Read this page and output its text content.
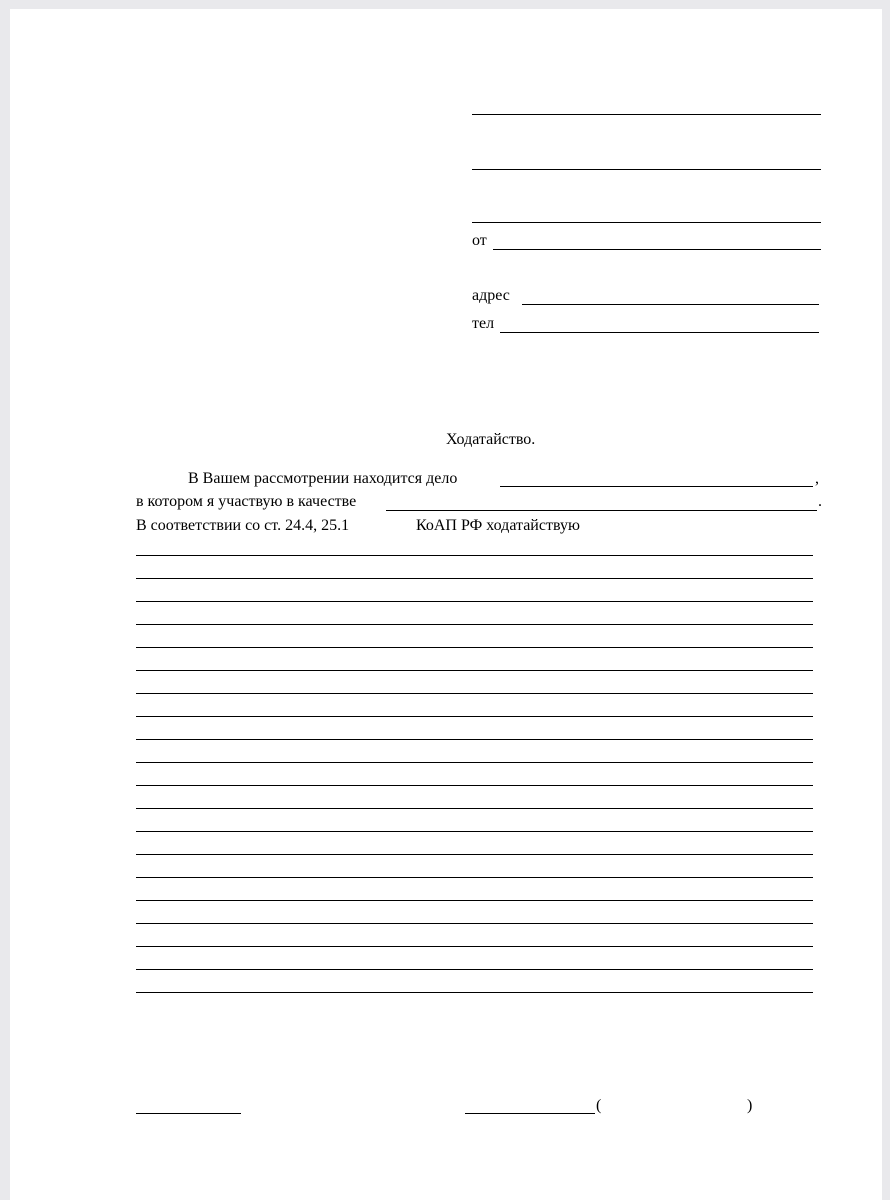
от
адрес
тел
Ходатайство.
В Вашем рассмотрении находится дело	,
в котором я участвую в качестве	.
В соответствии со ст. 24.4, 25.1	КоАП РФ ходатайствую
(	)
